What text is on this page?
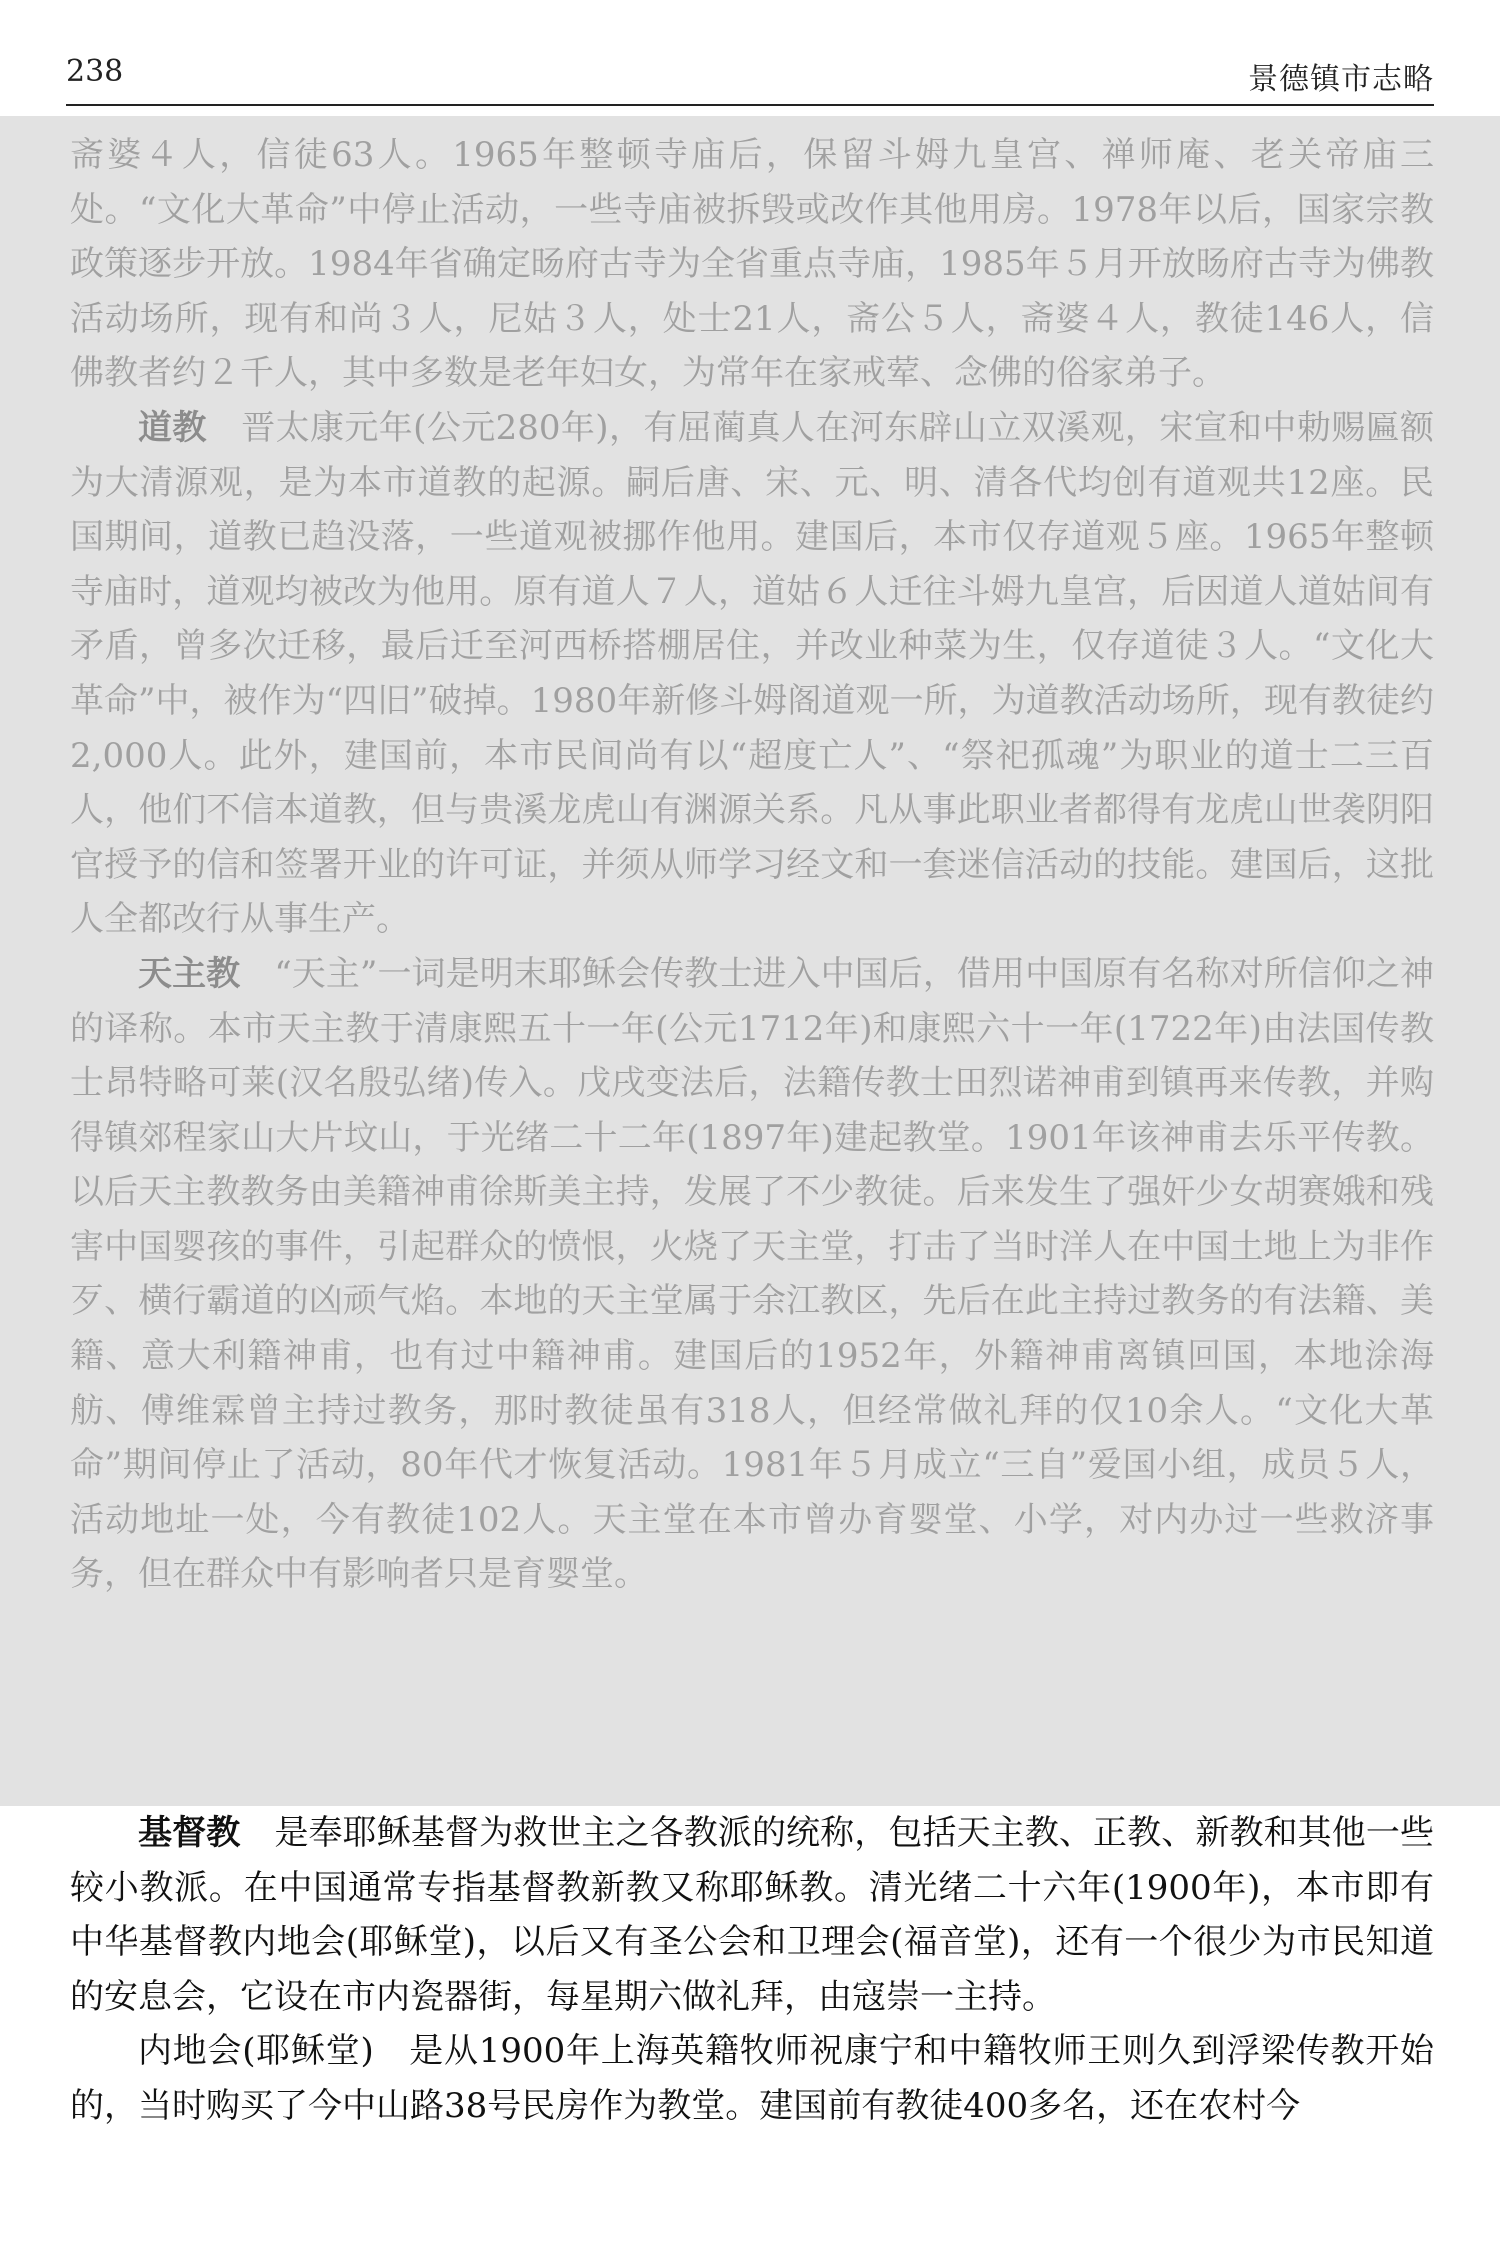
238	景德镇市志略

斋婆４人，信徒63人。1965年整顿寺庙后，保留斗姆九皇宫、禅师庵、老关帝庙三处。“文化大革命”中停止活动，一些寺庙被拆毁或改作其他用房。1978年以后，国家宗教政策逐步开放。1984年省确定旸府古寺为全省重点寺庙，1985年５月开放旸府古寺为佛教活动场所，现有和尚３人，尼姑３人，处士21人，斋公５人，斋婆４人，教徒146人，信佛教者约２千人，其中多数是老年妇女，为常年在家戒荤、念佛的俗家弟子。

道教　 晋太康元年(公元280年)，有屈蔺真人在河东辟山立双溪观，宋宣和中勅赐匾额为大清源观，是为本市道教的起源。嗣后唐、宋、元、明、清各代均创有道观共12座。民国期间，道教已趋没落，一些道观被挪作他用。建国后，本市仅存道观５座。1965年整顿寺庙时，道观均被改为他用。原有道人７人，道姑６人迁往斗姆九皇宫，后因道人道姑间有矛盾，曾多次迁移，最后迁至河西桥搭棚居住，并改业种菜为生，仅存道徒３人。“文化大革命”中，被作为“四旧”破掉。1980年新修斗姆阁道观一所，为道教活动场所，现有教徒约2,000人。此外，建国前，本市民间尚有以“超度亡人”、“祭祀孤魂”为职业的道士二三百人，他们不信本道教，但与贵溪龙虎山有渊源关系。凡从事此职业者都得有龙虎山世袭阴阳官授予的信和签署开业的许可证，并须从师学习经文和一套迷信活动的技能。建国后，这批人全都改行从事生产。

天主教　 “天主”一词是明末耶稣会传教士进入中国后，借用中国原有名称对所信仰之神的译称。本市天主教于清康熙五十一年(公元1712年)和康熙六十一年(1722年)由法国传教士昂特略可莱(汉名殷弘绪)传入。戊戌变法后，法籍传教士田烈诺神甫到镇再来传教，并购得镇郊程家山大片坟山，于光绪二十二年(1897年)建起教堂。1901年该神甫去乐平传教。以后天主教教务由美籍神甫徐斯美主持，发展了不少教徒。后来发生了强奸少女胡赛娥和残害中国婴孩的事件，引起群众的愤恨，火烧了天主堂，打击了当时洋人在中国土地上为非作歹、横行霸道的凶顽气焰。本地的天主堂属于余江教区，先后在此主持过教务的有法籍、美籍、意大利籍神甫，也有过中籍神甫。建国后的1952年，外籍神甫离镇回国，本地涂海舫、傅维霖曾主持过教务，那时教徒虽有318人，但经常做礼拜的仅10余人。“文化大革命”期间停止了活动，80年代才恢复活动。1981年５月成立“三自”爱国小组，成员５人，活动地址一处，今有教徒102人。天主堂在本市曾办育婴堂、小学，对内办过一些救济事务，但在群众中有影响者只是育婴堂。

基督教　 是奉耶稣基督为救世主之各教派的统称，包括天主教、正教、新教和其他一些较小教派。在中国通常专指基督教新教又称耶稣教。清光绪二十六年(1900年)，本市即有中华基督教内地会(耶稣堂)，以后又有圣公会和卫理会(福音堂)，还有一个很少为市民知道的安息会，它设在市内瓷器街，每星期六做礼拜，由寇崇一主持。

内地会(耶稣堂)　 是从1900年上海英籍牧师祝康宁和中籍牧师王则久到浮梁传教开始的，当时购买了今中山路38号民房作为教堂。建国前有教徒400多名，还在农村今
